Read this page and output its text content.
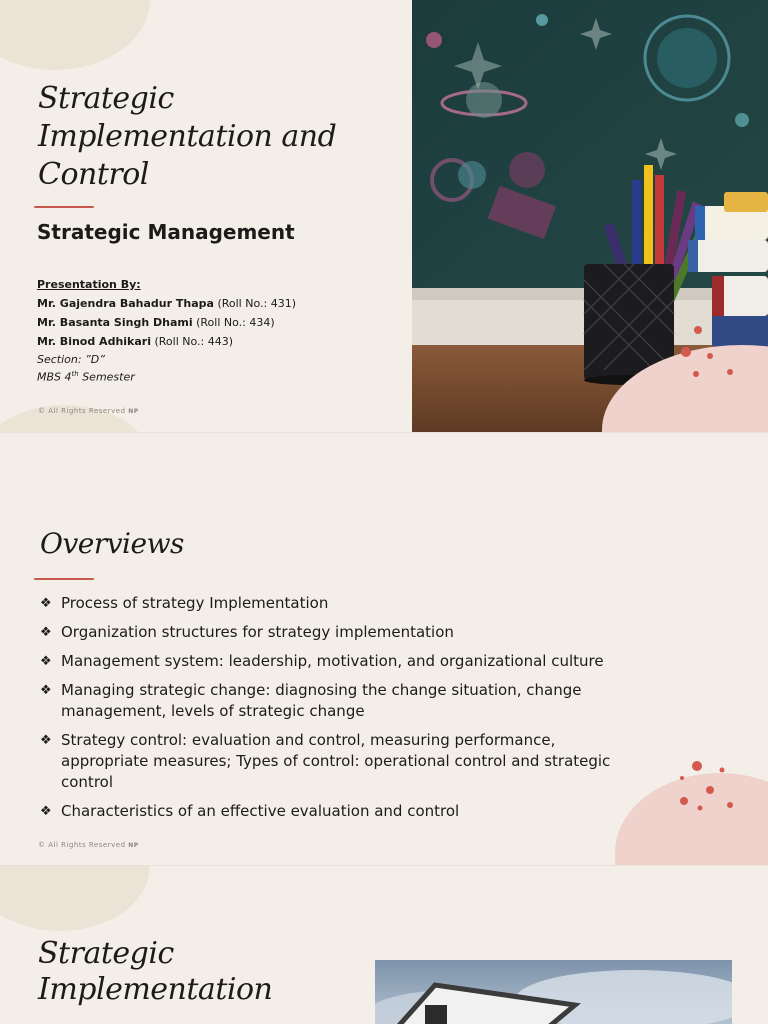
Strategic
Implementation and
Control
Strategic Management
Presentation By:
Mr. Gajendra Bahadur Thapa (Roll No.: 431)
Mr. Basanta Singh Dhami (Roll No.: 434)
Mr. Binod Adhikari (Roll No.: 443)
Section: ”D”
MBS 4th Semester
© All Rights Reserved NP
Overviews
❖ Process of strategy Implementation
❖ Organization structures for strategy implementation
❖ Management system: leadership, motivation, and organizational culture
❖ Managing strategic change: diagnosing the change situation, change management, levels of strategic change
❖ Strategy control: evaluation and control, measuring performance, appropriate measures; Types of control: operational control and strategic control
❖ Characteristics of an effective evaluation and control
© All Rights Reserved NP
Strategic
Implementation
